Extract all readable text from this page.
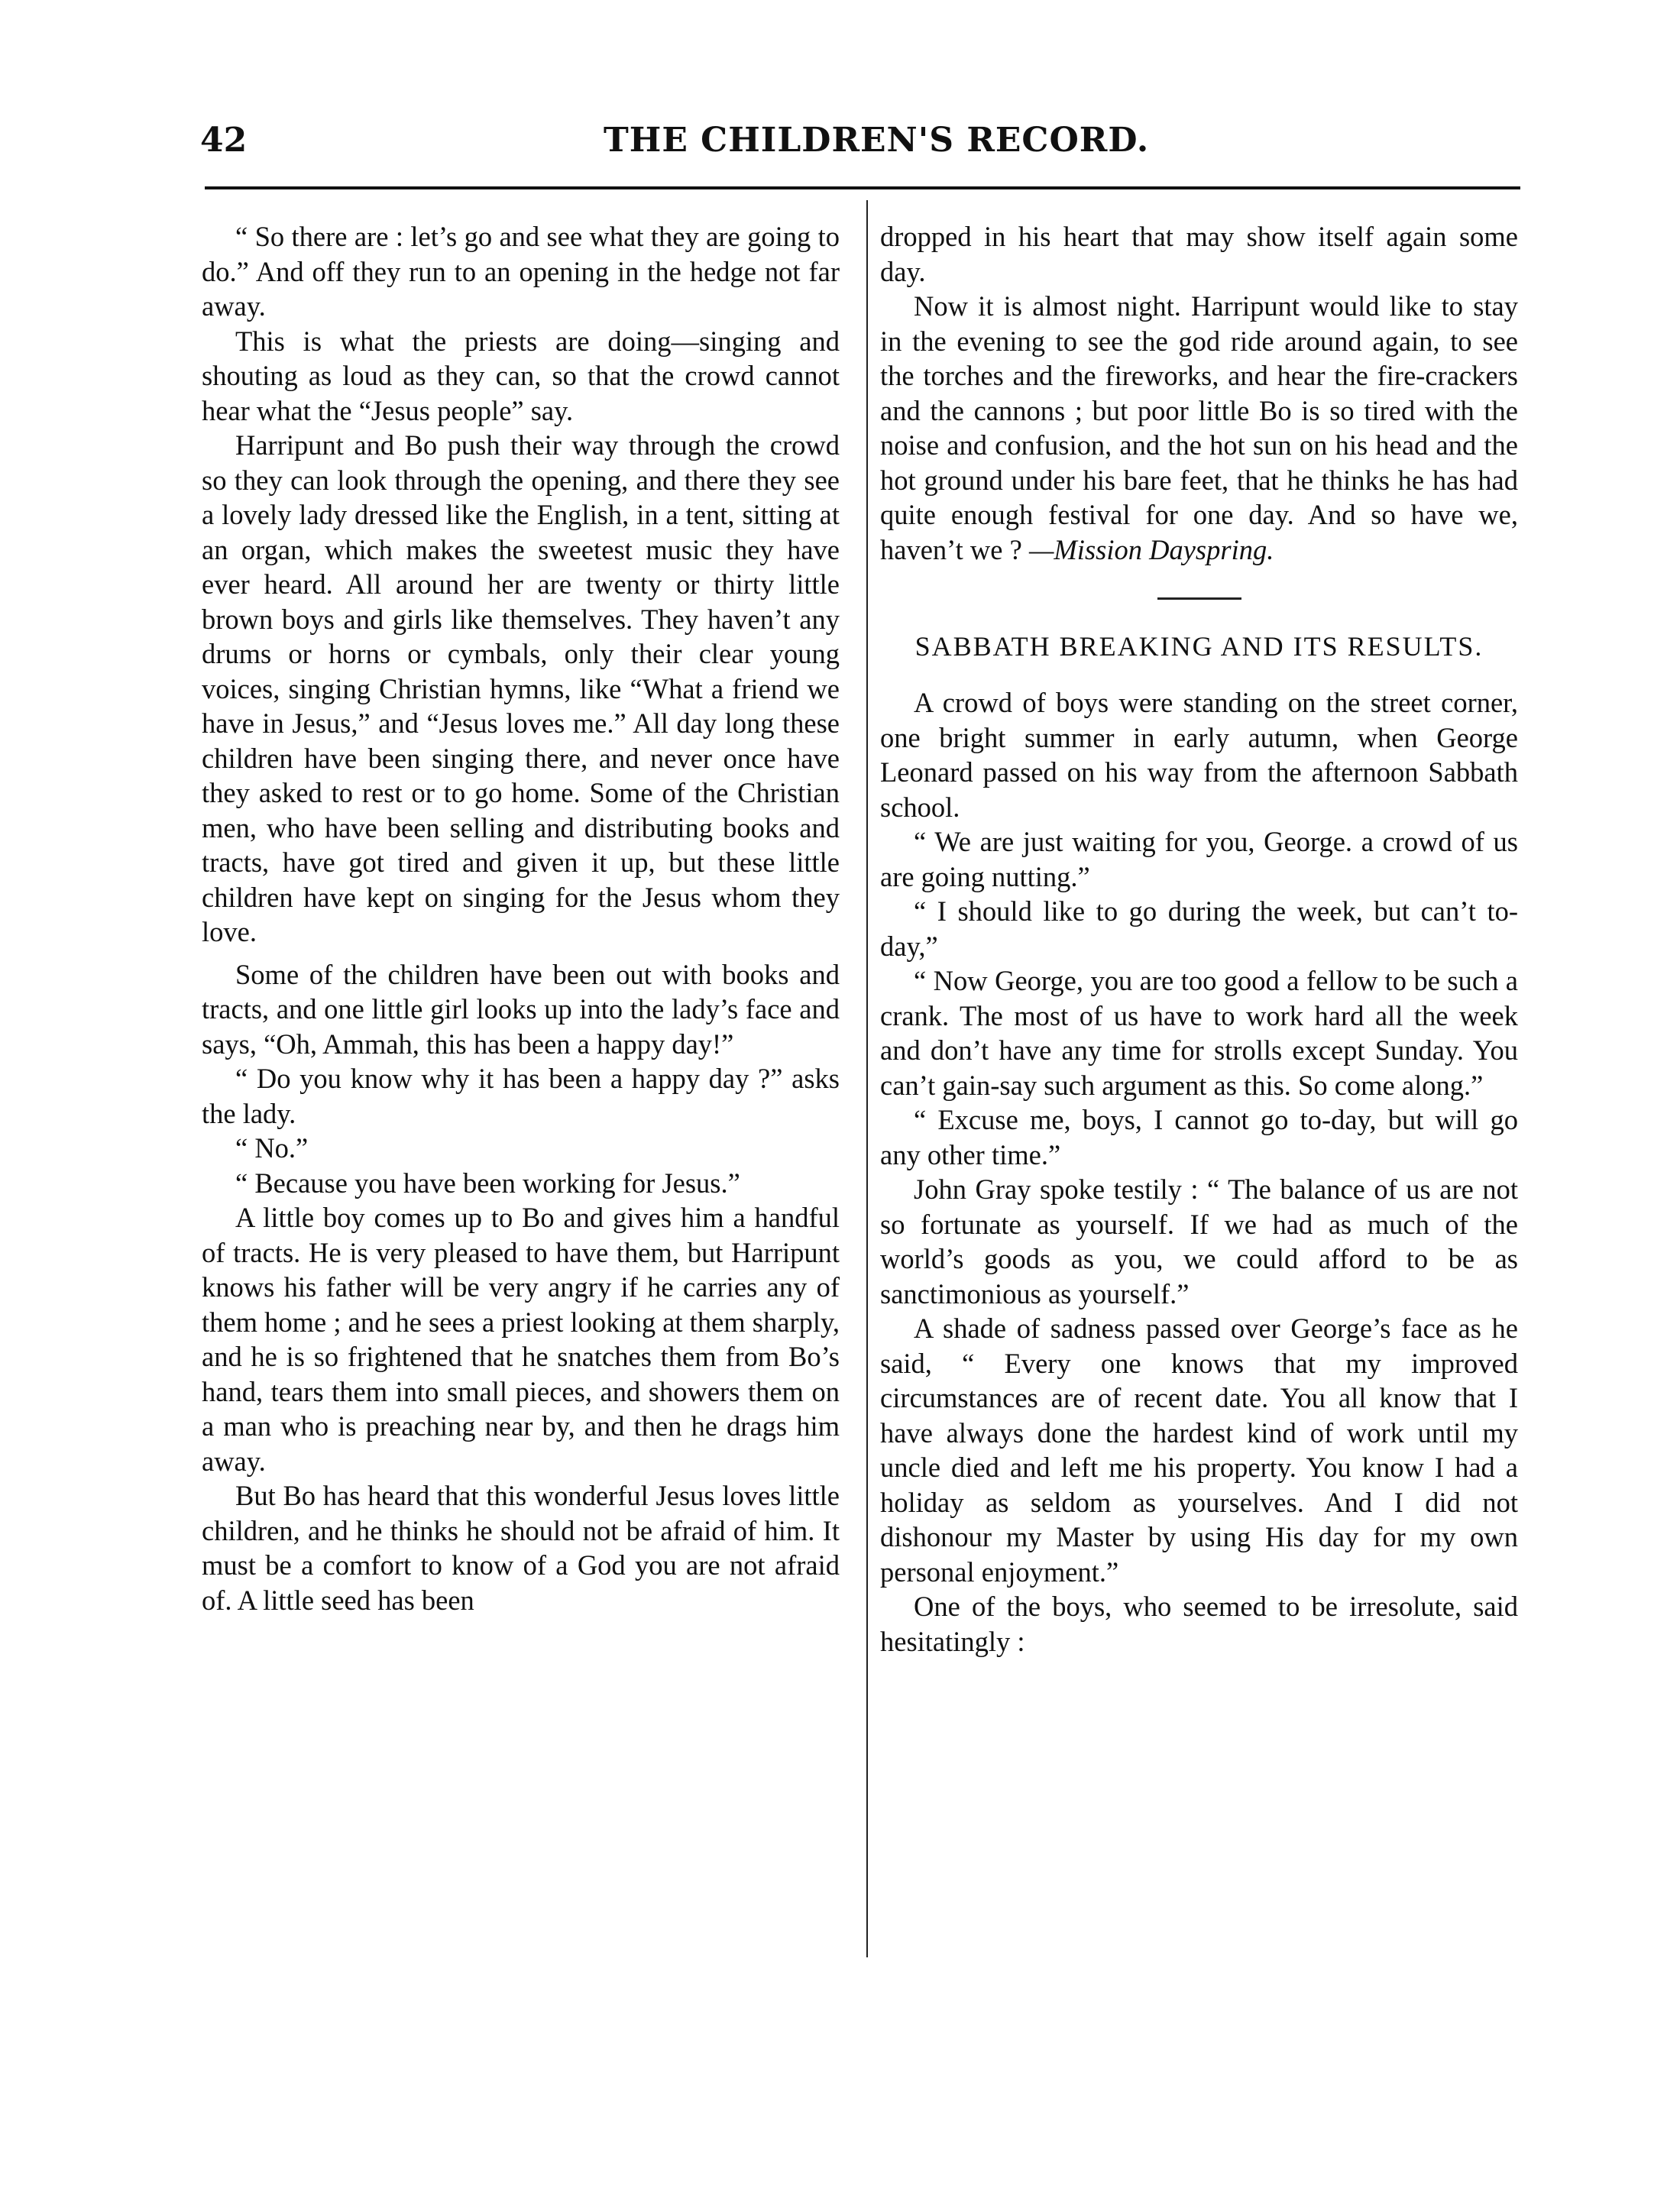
42	THE CHILDREN'S RECORD.

“ So there are : let’s go and see what they are going to do.” And off they run to an opening in the hedge not far away.

This is what the priests are doing—singing and shouting as loud as they can, so that the crowd cannot hear what the “Jesus people” say.

Harripunt and Bo push their way through the crowd so they can look through the opening, and there they see a lovely lady dressed like the English, in a tent, sitting at an organ, which makes the sweetest music they have ever heard. All around her are twenty or thirty little brown boys and girls like themselves. They haven’t any drums or horns or cymbals, only their clear young voices, singing Christian hymns, like “What a friend we have in Jesus,” and “Jesus loves me.” All day long these children have been singing there, and never once have they asked to rest or to go home. Some of the Christian men, who have been selling and distributing books and tracts, have got tired and given it up, but these little children have kept on singing for the Jesus whom they love.

Some of the children have been out with books and tracts, and one little girl looks up into the lady’s face and says, “Oh, Ammah, this has been a happy day!”

“ Do you know why it has been a happy day ?” asks the lady.

“ No.”

“ Because you have been working for Jesus.”

A little boy comes up to Bo and gives him a handful of tracts. He is very pleased to have them, but Harripunt knows his father will be very angry if he carries any of them home ; and he sees a priest looking at them sharply, and he is so frightened that he snatches them from Bo’s hand, tears them into small pieces, and showers them on a man who is preaching near by, and then he drags him away.

But Bo has heard that this wonderful Jesus loves little children, and he thinks he should not be afraid of him. It must be a comfort to know of a God you are not afraid of. A little seed has been

dropped in his heart that may show itself again some day.

Now it is almost night. Harripunt would like to stay in the evening to see the god ride around again, to see the torches and the fireworks, and hear the fire-crackers and the cannons ; but poor little Bo is so tired with the noise and confusion, and the hot sun on his head and the hot ground under his bare feet, that he thinks he has had quite enough festival for one day. And so have we, haven’t we ? —Mission Dayspring.

SABBATH BREAKING AND ITS RESULTS.

A crowd of boys were standing on the street corner, one bright summer in early autumn, when George Leonard passed on his way from the afternoon Sabbath school.

“ We are just waiting for you, George. a crowd of us are going nutting.”

“ I should like to go during the week, but can’t to-day,”

“ Now George, you are too good a fellow to be such a crank. The most of us have to work hard all the week and don’t have any time for strolls except Sunday. You can’t gain-say such argument as this. So come along.”

“ Excuse me, boys, I cannot go to-day, but will go any other time.”

John Gray spoke testily : “ The balance of us are not so fortunate as yourself. If we had as much of the world’s goods as you, we could afford to be as sanctimonious as yourself.”

A shade of sadness passed over George’s face as he said, “ Every one knows that my improved circumstances are of recent date. You all know that I have always done the hardest kind of work until my uncle died and left me his property. You know I had a holiday as seldom as yourselves. And I did not dishonour my Master by using His day for my own personal enjoyment.”

One of the boys, who seemed to be irresolute, said hesitatingly :
